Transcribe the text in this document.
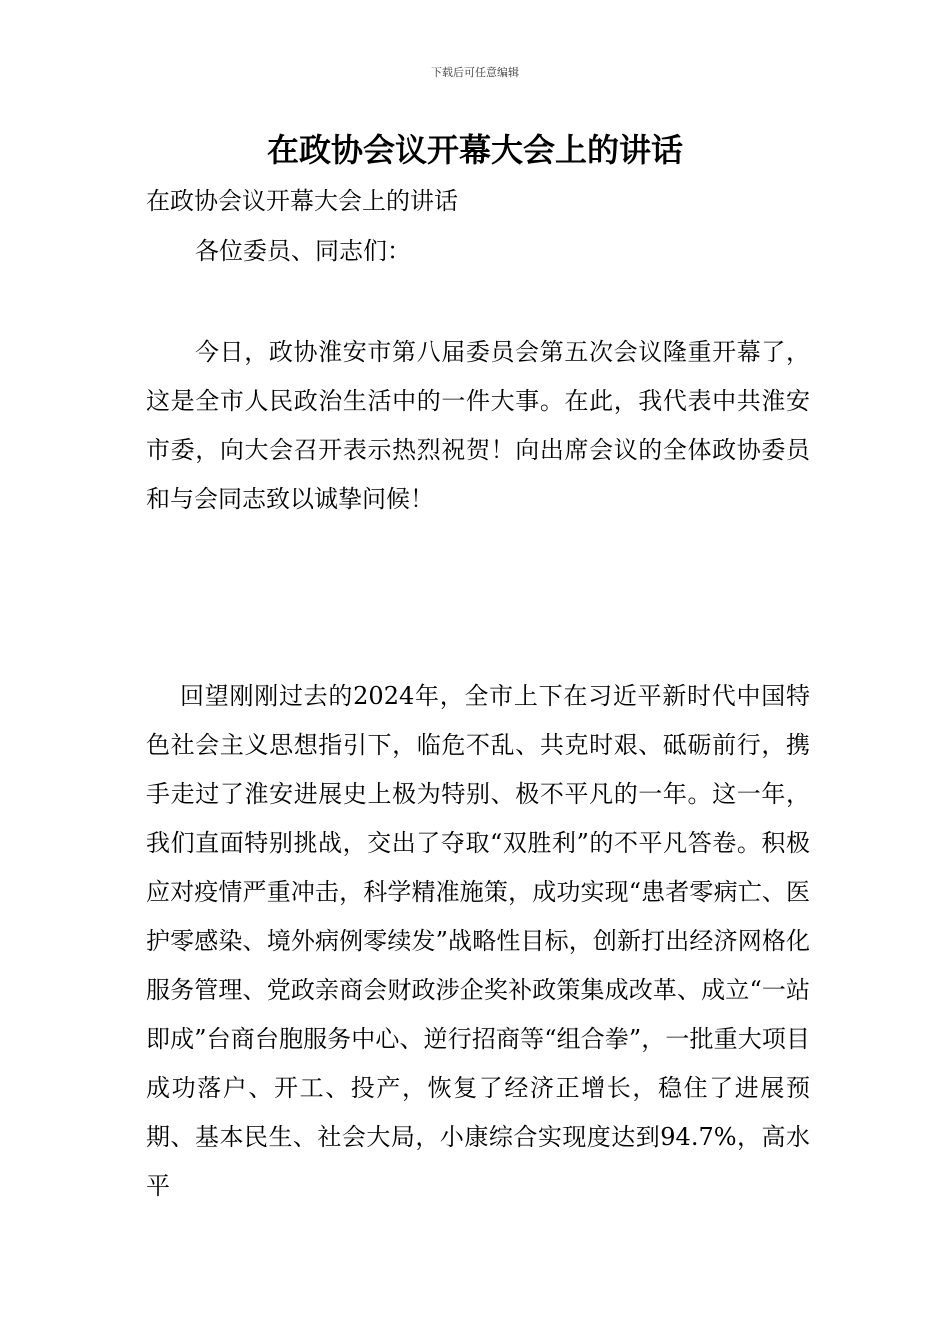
下载后可任意编辑
在政协会议开幕大会上的讲话

在政协会议开幕大会上的讲话

各位委员、同志们：

今日，政协淮安市第八届委员会第五次会议隆重开幕了，这是全市人民政治生活中的一件大事。在此，我代表中共淮安市委，向大会召开表示热烈祝贺！向出席会议的全体政协委员和与会同志致以诚挚问候！

回望刚刚过去的2024年，全市上下在习近平新时代中国特色社会主义思想指引下，临危不乱、共克时艰、砥砺前行，携手走过了淮安进展史上极为特别、极不平凡的一年。这一年，我们直面特别挑战，交出了夺取“双胜利”的不平凡答卷。积极应对疫情严重冲击，科学精准施策，成功实现“患者零病亡、医护零感染、境外病例零续发”战略性目标，创新打出经济网格化服务管理、党政亲商会财政涉企奖补政策集成改革、成立“一站即成”台商台胞服务中心、逆行招商等“组合拳”，一批重大项目成功落户、开工、投产，恢复了经济正增长，稳住了进展预期、基本民生、社会大局，小康综合实现度达到94.7%，高水平
